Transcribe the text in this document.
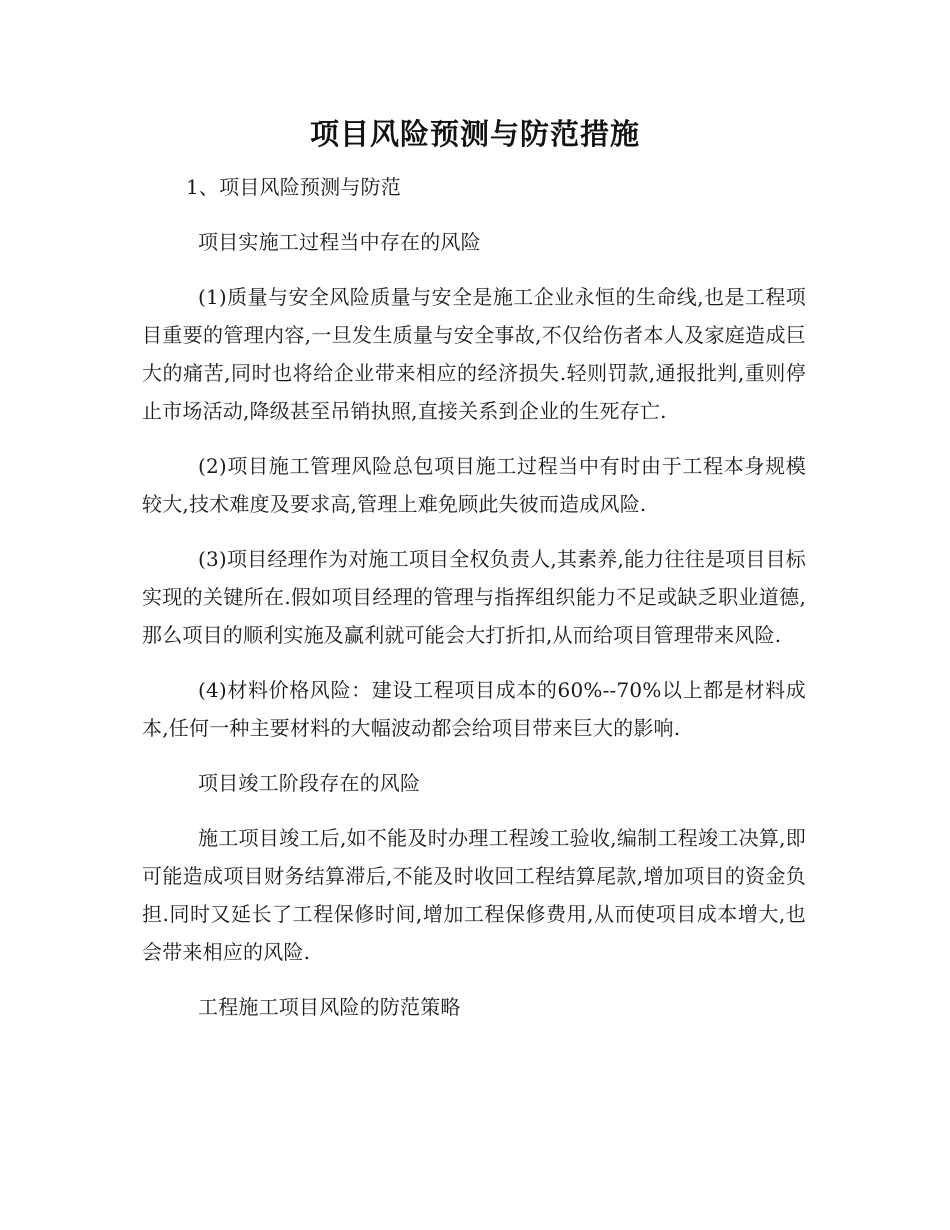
项目风险预测与防范措施
1、项目风险预测与防范
项目实施工过程当中存在的风险

(1)质量与安全风险质量与安全是施工企业永恒的生命线,也是工程项目重要的管理内容,一旦发生质量与安全事故,不仅给伤者本人及家庭造成巨大的痛苦,同时也将给企业带来相应的经济损失.轻则罚款,通报批判,重则停止市场活动,降级甚至吊销执照,直接关系到企业的生死存亡.

(2)项目施工管理风险总包项目施工过程当中有时由于工程本身规模较大,技术难度及要求高,管理上难免顾此失彼而造成风险.

(3)项目经理作为对施工项目全权负责人,其素养,能力往往是项目目标实现的关键所在.假如项目经理的管理与指挥组织能力不足或缺乏职业道德,那么项目的顺利实施及赢利就可能会大打折扣,从而给项目管理带来风险.

(4)材料价格风险：建设工程项目成本的60%--70%以上都是材料成本,任何一种主要材料的大幅波动都会给项目带来巨大的影响.

项目竣工阶段存在的风险

施工项目竣工后,如不能及时办理工程竣工验收,编制工程竣工决算,即可能造成项目财务结算滞后,不能及时收回工程结算尾款,增加项目的资金负担.同时又延长了工程保修时间,增加工程保修费用,从而使项目成本增大,也会带来相应的风险.

工程施工项目风险的防范策略
